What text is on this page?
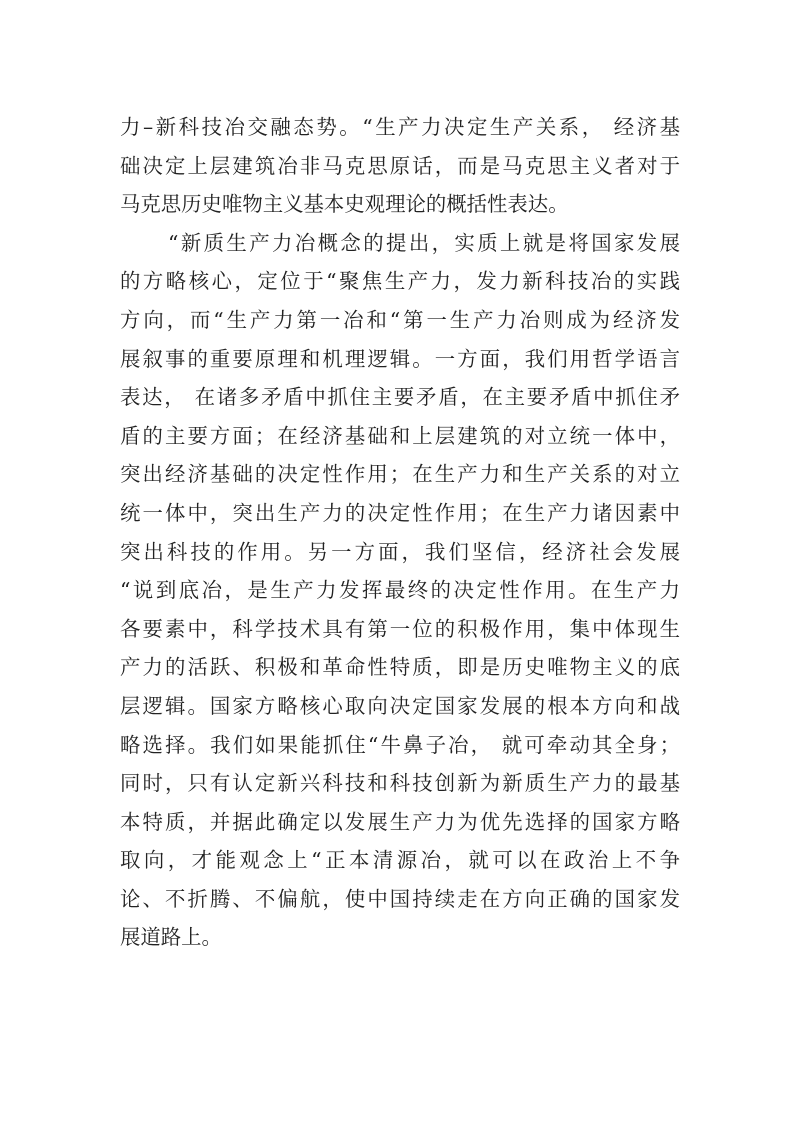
力–新科技冶交融态势。“生产力决定生产关系， 经济基
础决定上层建筑冶非马克思原话，而是马克思主义者对于
马克思历史唯物主义基本史观理论的概括性表达。
“新质生产力冶概念的提出，实质上就是将国家发展
的方略核心，定位于“聚焦生产力，发力新科技冶的实践
方向，而“生产力第一冶和“第一生产力冶则成为经济发
展叙事的重要原理和机理逻辑。一方面，我们用哲学语言
表达， 在诸多矛盾中抓住主要矛盾，在主要矛盾中抓住矛
盾的主要方面；在经济基础和上层建筑的对立统一体中，
突出经济基础的决定性作用；在生产力和生产关系的对立
统一体中，突出生产力的决定性作用；在生产力诸因素中
突出科技的作用。另一方面，我们坚信，经济社会发展
“说到底冶，是生产力发挥最终的决定性作用。在生产力
各要素中，科学技术具有第一位的积极作用，集中体现生
产力的活跃、积极和革命性特质，即是历史唯物主义的底
层逻辑。国家方略核心取向决定国家发展的根本方向和战
略选择。我们如果能抓住“牛鼻子冶， 就可牵动其全身；
同时，只有认定新兴科技和科技创新为新质生产力的最基
本特质，并据此确定以发展生产力为优先选择的国家方略
取向，才能观念上“正本清源冶，就可以在政治上不争
论、不折腾、不偏航，使中国持续走在方向正确的国家发
展道路上。
